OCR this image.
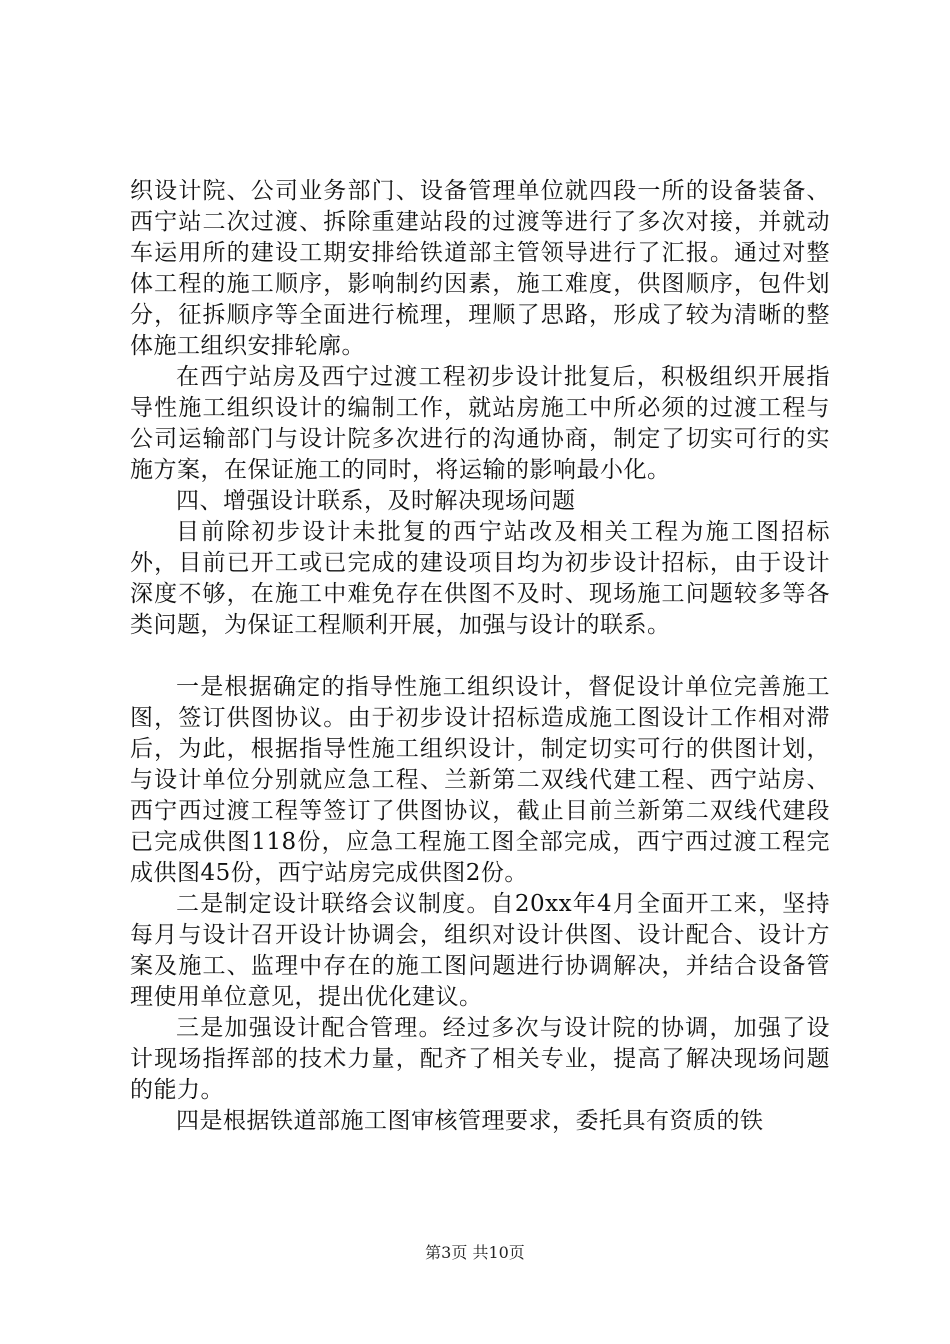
织设计院、公司业务部门、设备管理单位就四段一所的设备装备、西宁站二次过渡、拆除重建站段的过渡等进行了多次对接，并就动车运用所的建设工期安排给铁道部主管领导进行了汇报。通过对整体工程的施工顺序，影响制约因素，施工难度，供图顺序，包件划分，征拆顺序等全面进行梳理，理顺了思路，形成了较为清晰的整体施工组织安排轮廓。

在西宁站房及西宁过渡工程初步设计批复后，积极组织开展指导性施工组织设计的编制工作，就站房施工中所必须的过渡工程与公司运输部门与设计院多次进行的沟通协商，制定了切实可行的实施方案，在保证施工的同时，将运输的影响最小化。

四、增强设计联系，及时解决现场问题

目前除初步设计未批复的西宁站改及相关工程为施工图招标外，目前已开工或已完成的建设项目均为初步设计招标，由于设计深度不够，在施工中难免存在供图不及时、现场施工问题较多等各类问题，为保证工程顺利开展，加强与设计的联系。

一是根据确定的指导性施工组织设计，督促设计单位完善施工图，签订供图协议。由于初步设计招标造成施工图设计工作相对滞后，为此，根据指导性施工组织设计，制定切实可行的供图计划，与设计单位分别就应急工程、兰新第二双线代建工程、西宁站房、西宁西过渡工程等签订了供图协议，截止目前兰新第二双线代建段已完成供图118份，应急工程施工图全部完成，西宁西过渡工程完成供图45份，西宁站房完成供图2份。

二是制定设计联络会议制度。自20xx年4月全面开工来，坚持每月与设计召开设计协调会，组织对设计供图、设计配合、设计方案及施工、监理中存在的施工图问题进行协调解决，并结合设备管理使用单位意见，提出优化建议。

三是加强设计配合管理。经过多次与设计院的协调，加强了设计现场指挥部的技术力量，配齐了相关专业，提高了解决现场问题的能力。

四是根据铁道部施工图审核管理要求，委托具有资质的铁

第3页 共10页
